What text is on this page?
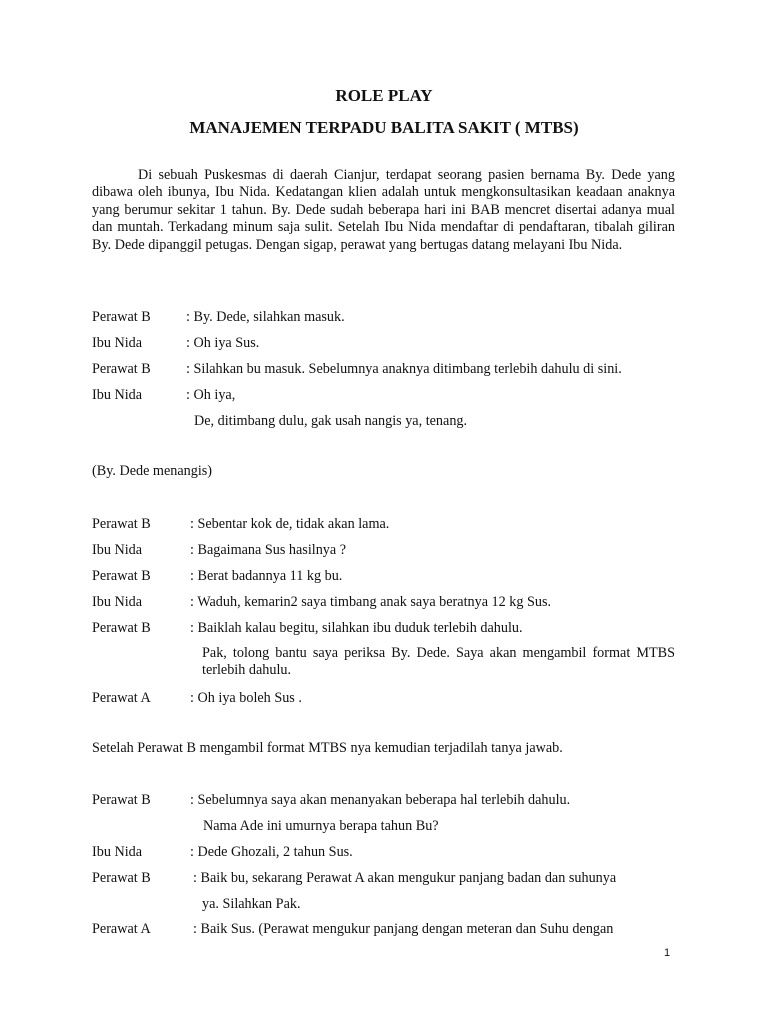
ROLE PLAY
MANAJEMEN TERPADU BALITA SAKIT ( MTBS)

Di sebuah Puskesmas di daerah Cianjur, terdapat seorang pasien bernama By. Dede yang dibawa oleh ibunya, Ibu Nida. Kedatangan klien adalah untuk mengkonsultasikan keadaan anaknya yang berumur sekitar 1 tahun. By. Dede sudah beberapa hari ini BAB mencret disertai adanya mual dan muntah. Terkadang minum saja sulit. Setelah Ibu Nida mendaftar di pendaftaran, tibalah giliran By. Dede dipanggil petugas. Dengan sigap, perawat yang bertugas datang melayani Ibu Nida.

Perawat B : By. Dede, silahkan masuk.
Ibu Nida	: Oh iya Sus.
Perawat B : Silahkan bu masuk. Sebelumnya anaknya ditimbang terlebih dahulu di sini.
Ibu Nida	: Oh iya,
De, ditimbang dulu, gak usah nangis ya, tenang.

(By. Dede menangis)

Perawat B	: Sebentar kok de, tidak akan lama.
Ibu Nida	: Bagaimana Sus hasilnya ?
Perawat B	: Berat badannya 11 kg bu.
Ibu Nida	: Waduh, kemarin2 saya timbang anak saya beratnya 12 kg Sus.
Perawat B	: Baiklah kalau begitu, silahkan ibu duduk terlebih dahulu.
Pak, tolong bantu saya periksa By. Dede. Saya akan mengambil format MTBS terlebih dahulu.
Perawat A	: Oh iya boleh Sus .

Setelah Perawat B mengambil format MTBS nya kemudian terjadilah tanya jawab.

Perawat B	: Sebelumnya saya akan menanyakan beberapa hal terlebih dahulu.
Nama Ade ini umurnya berapa tahun Bu?
Ibu Nida	: Dede Ghozali, 2 tahun Sus.
Perawat B	: Baik bu, sekarang Perawat A akan mengukur panjang badan dan suhunya
ya. Silahkan Pak.
Perawat A	: Baik Sus. (Perawat mengukur panjang dengan meteran dan Suhu dengan
1
